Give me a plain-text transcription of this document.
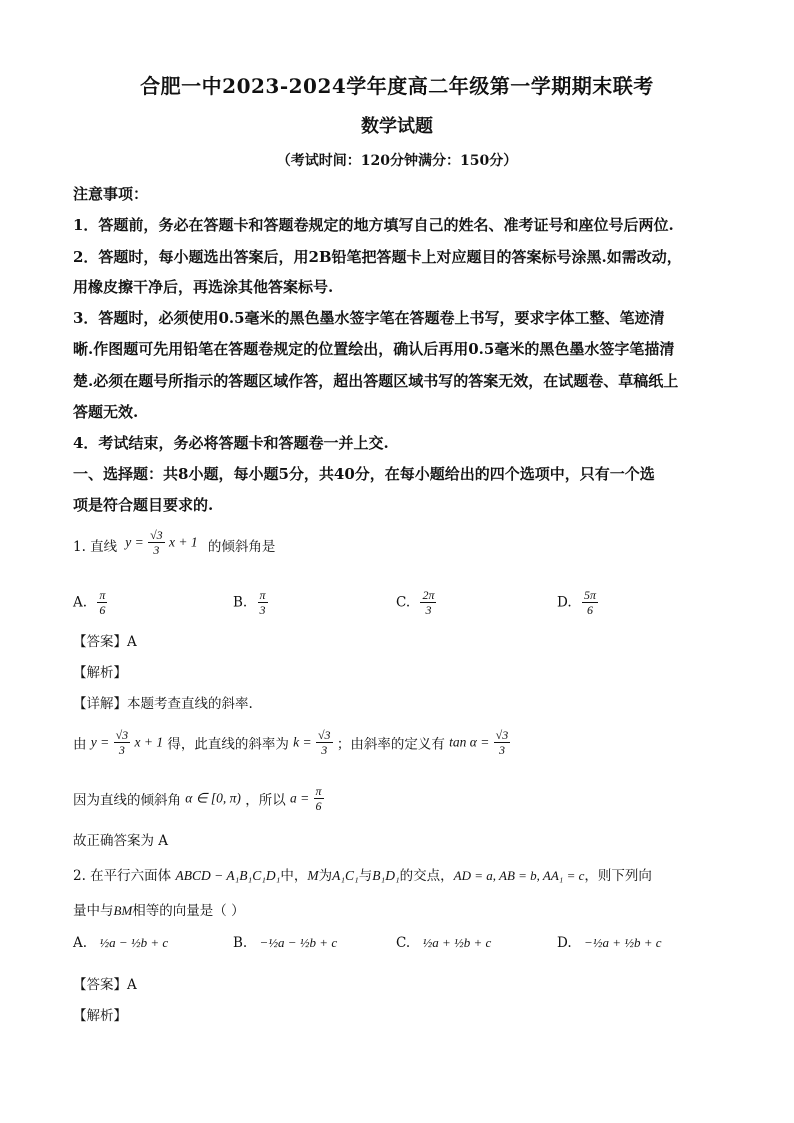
合肥一中2023-2024学年度高二年级第一学期期末联考
数学试题
（考试时间：120分钟满分：150分）
注意事项：
1．答题前，务必在答题卡和答题卷规定的地方填写自己的姓名、准考证号和座位号后两位.
2．答题时，每小题选出答案后，用2B铅笔把答题卡上对应题目的答案标号涂黑.如需改动，
用橡皮擦干净后，再选涂其他答案标号.
3．答题时，必须使用0.5毫米的黑色墨水签字笔在答题卷上书写，要求字体工整、笔迹清
晰.作图题可先用铅笔在答题卷规定的位置绘出，确认后再用0.5毫米的黑色墨水签字笔描清
楚.必须在题号所指示的答题区域作答，超出答题区域书写的答案无效，在试题卷、草稿纸上
答题无效.
4．考试结束，务必将答题卡和答题卷一并上交.
一、选择题：共8小题，每小题5分，共40分，在每小题给出的四个选项中，只有一个选
项是符合题目要求的.
1. 直线 $y = \frac{√3}{3}$ x + 1 的倾斜角是
A. $\frac{\pi}{6}$	B. $\frac{\pi}{3}$	C. $\frac{2\pi}{3}$	D. $\frac{5\pi}{6}$
【答案】A
【解析】
【详解】本题考查直线的斜率.
由 $y = \frac{√3}{3}$ x + 1 得，此直线的斜率为 $k = \frac{√3}{3}$ ；由斜率的定义有 $\tan \alpha = \frac{√3}{3}$
因为直线的倾斜角 α ∈ [0, π) ，所以 $a = \frac{\pi}{6}$
故正确答案为 A
2. 在平行六面体 ABCD − A₁B₁C₁D₁中，M为A₁C₁与B₁D₁的交点，AD = a, AB = b, AA₁ = c，则下列向
量中与BM相等的向量是（ ）
A. ½a − ½b + c	B. −½a − ½b + c	C. ½a + ½b + c	D. −½a + ½b + c
【答案】A
【解析】
